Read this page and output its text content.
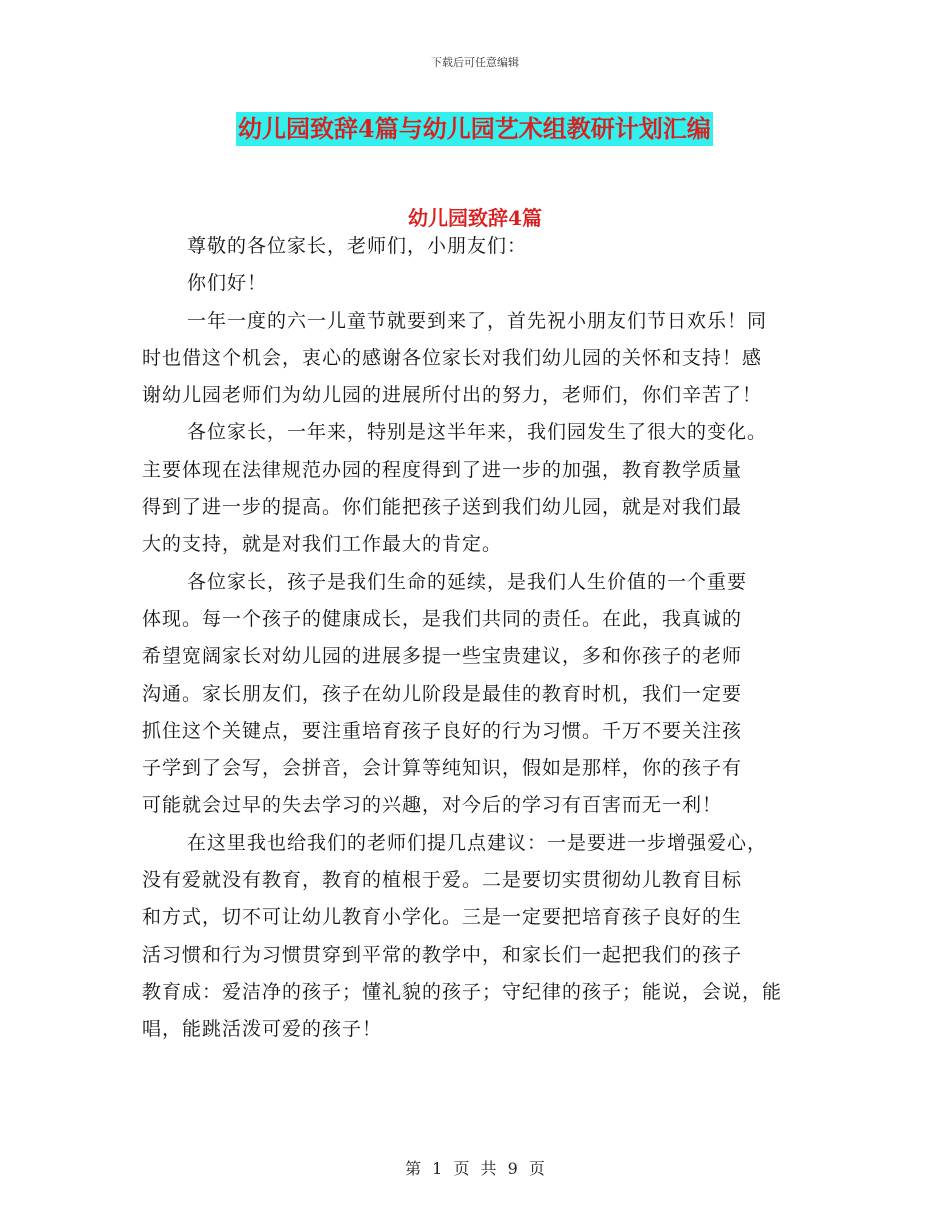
下载后可任意编辑
幼儿园致辞4篇与幼儿园艺术组教研计划汇编
幼儿园致辞4篇
尊敬的各位家长，老师们，小朋友们：
你们好！
一年一度的六一儿童节就要到来了，首先祝小朋友们节日欢乐！同
时也借这个机会，衷心的感谢各位家长对我们幼儿园的关怀和支持！感
谢幼儿园老师们为幼儿园的进展所付出的努力，老师们，你们辛苦了！
各位家长，一年来，特别是这半年来，我们园发生了很大的变化。
主要体现在法律规范办园的程度得到了进一步的加强，教育教学质量
得到了进一步的提高。你们能把孩子送到我们幼儿园，就是对我们最
大的支持，就是对我们工作最大的肯定。
各位家长，孩子是我们生命的延续，是我们人生价值的一个重要
体现。每一个孩子的健康成长，是我们共同的责任。在此，我真诚的
希望宽阔家长对幼儿园的进展多提一些宝贵建议，多和你孩子的老师
沟通。家长朋友们，孩子在幼儿阶段是最佳的教育时机，我们一定要
抓住这个关键点，要注重培育孩子良好的行为习惯。千万不要关注孩
子学到了会写，会拼音，会计算等纯知识，假如是那样，你的孩子有
可能就会过早的失去学习的兴趣，对今后的学习有百害而无一利！
在这里我也给我们的老师们提几点建议：一是要进一步增强爱心，
没有爱就没有教育，教育的植根于爱。二是要切实贯彻幼儿教育目标
和方式，切不可让幼儿教育小学化。三是一定要把培育孩子良好的生
活习惯和行为习惯贯穿到平常的教学中，和家长们一起把我们的孩子
教育成：爱洁净的孩子；懂礼貌的孩子；守纪律的孩子；能说，会说，能
唱，能跳活泼可爱的孩子！
第 1 页 共 9 页
